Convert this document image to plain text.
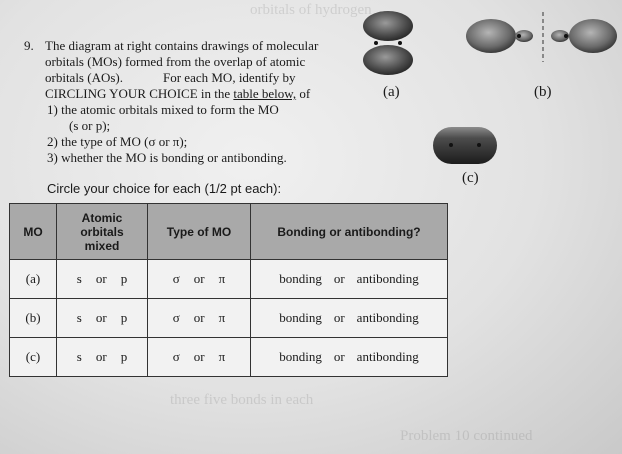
orbitals of hydrogen
three five bonds in each
Problem 10 continued
(a)	(b)
(c)
9. The diagram at right contains drawings of molecular
orbitals (MOs) formed from the overlap of atomic
orbitals (AOs).	For each MO, identify by
CIRCLING YOUR CHOICE in the table below, of
1) the atomic orbitals mixed to form the MO
(s or p);
2) the type of MO (σ or π);
3) whether the MO is bonding or antibonding.
Circle your choice for each (1/2 pt each):
MO	Atomic
orbitals
mixed	Type of MO	Bonding or antibonding?
(a)	s or p	σ or π	bonding or antibonding
(b)	s or p	σ or π	bonding or antibonding
(c)	s or p	σ or π	bonding or antibonding
